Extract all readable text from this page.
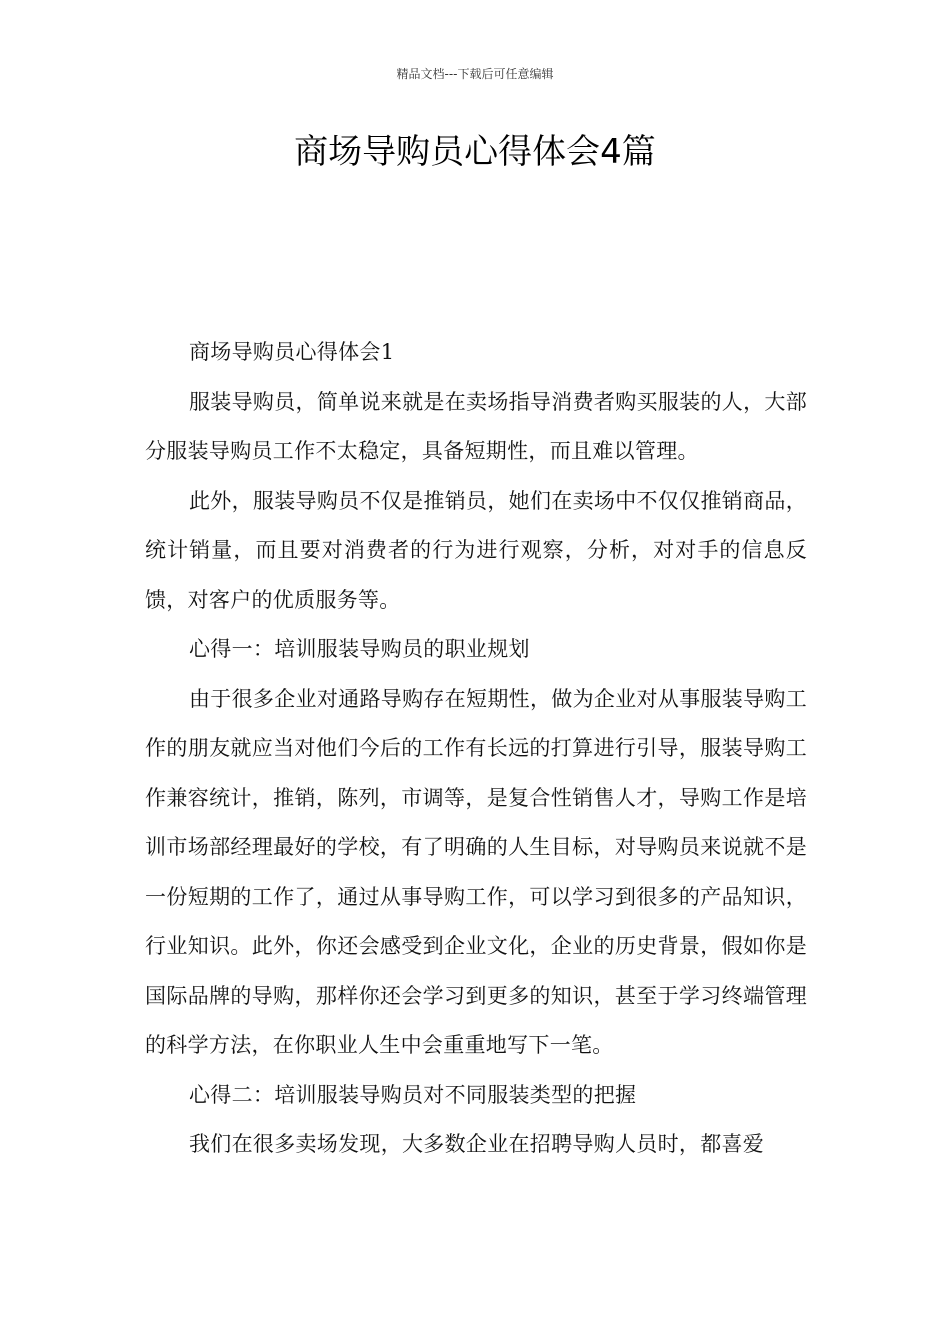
精品文档---下载后可任意编辑
商场导购员心得体会4篇

商场导购员心得体会1

服装导购员，简单说来就是在卖场指导消费者购买服装的人，大部分服装导购员工作不太稳定，具备短期性，而且难以管理。

此外，服装导购员不仅是推销员，她们在卖场中不仅仅推销商品，统计销量，而且要对消费者的行为进行观察，分析，对对手的信息反馈，对客户的优质服务等。

心得一：培训服装导购员的职业规划

由于很多企业对通路导购存在短期性，做为企业对从事服装导购工作的朋友就应当对他们今后的工作有长远的打算进行引导，服装导购工作兼容统计，推销，陈列，市调等，是复合性销售人才，导购工作是培训市场部经理最好的学校，有了明确的人生目标，对导购员来说就不是一份短期的工作了，通过从事导购工作，可以学习到很多的产品知识，行业知识。此外，你还会感受到企业文化，企业的历史背景，假如你是国际品牌的导购，那样你还会学习到更多的知识，甚至于学习终端管理的科学方法，在你职业人生中会重重地写下一笔。

心得二：培训服装导购员对不同服装类型的把握

我们在很多卖场发现，大多数企业在招聘导购人员时，都喜爱
